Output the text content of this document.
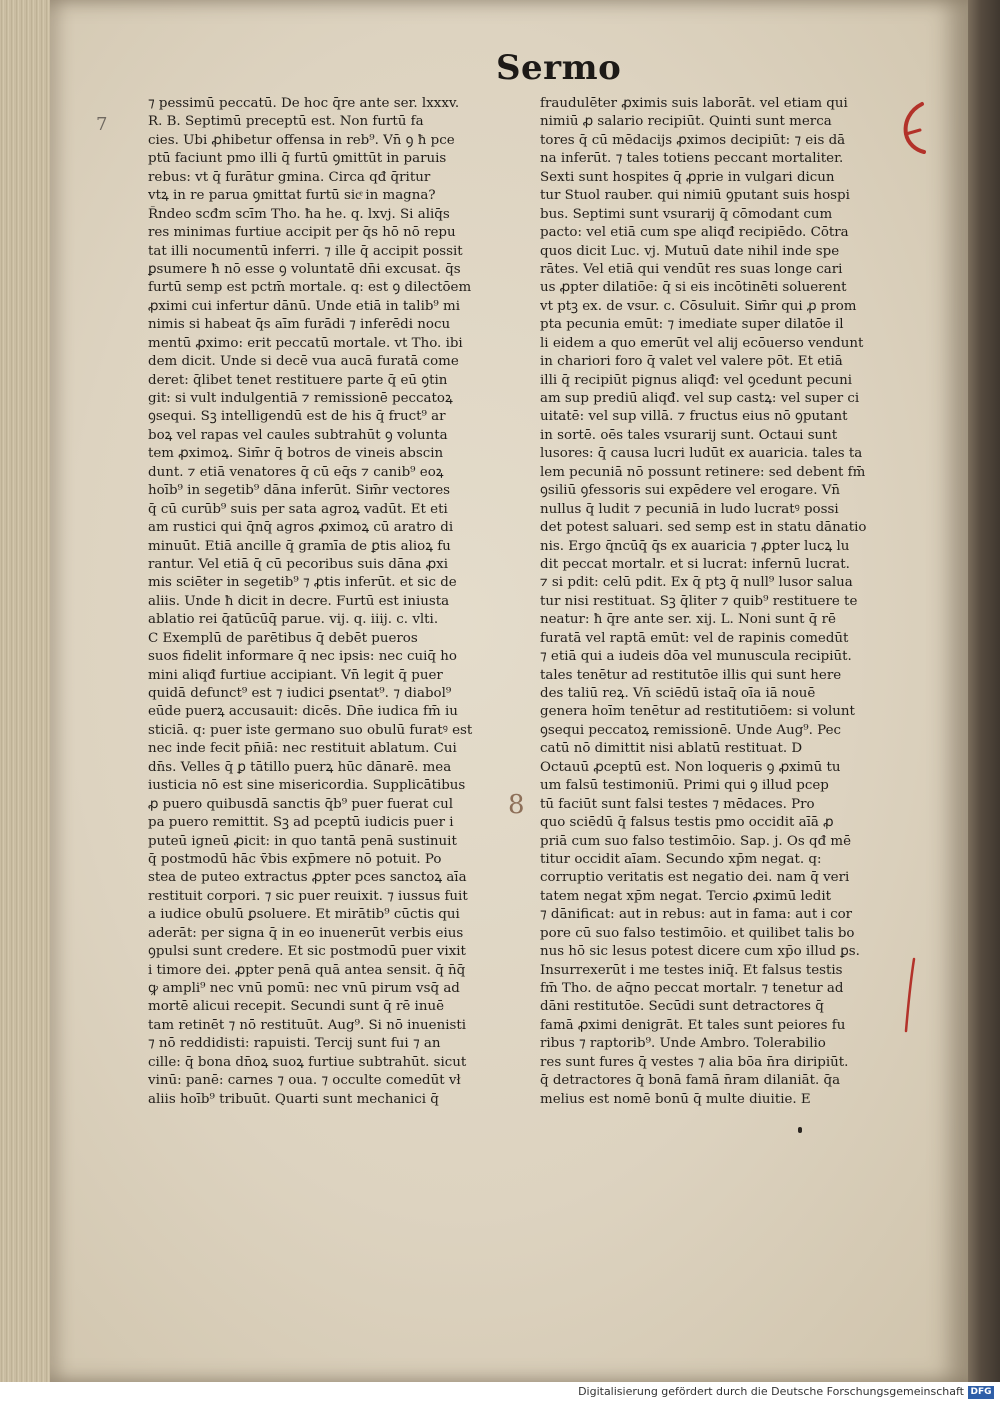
Sermo

7

8

⁊ pessimū peccatū. De hoc q̄re ante ser. lxxxv.
R. B. Septimū preceptū est. Non furtū fa
cies. Ubi ꝓhibetur offensa in reb⁹. Vn̄ ꝯ ħ pce
ptū faciunt pmo illi q̄ furtū ꝯmittūt in paruis
rebus: vt q̄ furātur gmina. Circa qđ q̄ritur
vtꝝ in re parua ꝯmittat furtū sicͤ in magna?
R̄ndeo scđm scīm Tho. ħa he. q. lxvj. Si aliq̄s
res minimas furtiue accipit per q̄s hō nō repu
tat illi nocumentū inferri. ⁊ ille q̄ accipit possit
ꝑsumere ħ nō esse ꝯ voluntatē dn̄i excusat. q̄s
furtū semp est pctm̄ mortale. q: est ꝯ dilectōem
ꝓximi cui infertur dānū. Unde etiā in talib⁹ mi
nimis si habeat q̄s aīm furādi ⁊ inferēdi nocu
mentū ꝓximo: erit peccatū mortale. vt Tho. ibi
dem dicit. Unde si decē vua aucā furatā come
deret: q̄libet tenet restituere parte q̄ eū ꝯtin
git: si vult indulgentiā ⁊ remissionē peccatoꝝ
ꝯsequi. Sꝫ intelligendū est de his q̄ fruct⁹ ar
boꝝ vel rapas vel caules subtrahūt ꝯ volunta
tem ꝓximoꝝ. Sim̄r q̄ botros de vineis abscin
dunt. ⁊ etiā venatores q̄ cū eq̄s ⁊ canib⁹ eoꝝ
hoīb⁹ in segetib⁹ dāna inferūt. Sim̄r vectores
q̄ cū curūb⁹ suis per sata agroꝝ vadūt. Et eti
am rustici qui q̄nq̄ agros ꝓximoꝝ cū aratro di
minuūt. Etiā ancille q̄ gramīa de ꝑtis alioꝝ fu
rantur. Vel etiā q̄ cū pecoribus suis dāna ꝓxi
mis sciēter in segetib⁹ ⁊ ꝓtis inferūt. et sic de
aliis. Unde ħ dicit in decre. Furtū est iniusta
ablatio rei q̄atūcūq̄ parue. vij. q. iiij. c. vlti.
C Exemplū de parētibus q̄ debēt pueros
suos fidelit informare q̄ nec ipsis: nec cuiq̄ ho
mini aliqđ furtiue accipiant. Vn̄ legit q̄ puer
quidā defunct⁹ est ⁊ iudici ꝑsentat⁹. ⁊ diabol⁹
eūde puerꝝ accusauit: dicēs. Dn̄e iudica fm̄ iu
sticiā. q: puer iste germano suo obulū furatꝰ est
nec inde fecit pn̄iā: nec restituit ablatum. Cui
dn̄s. Velles q̄ ꝑ tātillo puerꝝ hūc dānarē. mea
iusticia nō est sine misericordia. Supplicātibus
ꝓ puero quibusdā sanctis q̄b⁹ puer fuerat cul
pa puero remittit. Sꝫ ad pceptū iudicis puer i
puteū igneū ꝓicit: in quo tantā penā sustinuit
q̄ postmodū hāc v̄bis exp̄mere nō potuit. Po
stea de puteo extractus ꝓpter pces sanctoꝝ aīa
restituit corpori. ⁊ sic puer reuixit. ⁊ iussus fuit
a iudice obulū ꝑsoluere. Et mirātib⁹ cūctis qui
aderāt: per signa q̄ in eo inuenerūt verbis eius
ꝯpulsi sunt credere. Et sic postmodū puer vixit
i timore dei. ꝓpter penā quā antea sensit. q̄ n̄q̄
ꝙ ampli⁹ nec vnū pomū: nec vnū pirum vsq̄ ad
mortē alicui recepit. Secundi sunt q̄ rē inuē
tam retinēt ⁊ nō restituūt. Aug⁹. Si nō inuenisti
⁊ nō reddidisti: rapuisti. Tercij sunt fui ⁊ an
cille: q̄ bona dn̄oꝝ suoꝝ furtiue subtrahūt. sicut
vinū: panē: carnes ⁊ oua. ⁊ occulte comedūt vł
aliis hoīb⁹ tribuūt. Quarti sunt mechanici q̄
fraudulēter ꝓximis suis laborāt. vel etiam qui
nimiū ꝓ salario recipiūt. Quinti sunt merca
tores q̄ cū mēdacijs ꝓximos decipiūt: ⁊ eis dā
na inferūt. ⁊ tales totiens peccant mortaliter.
Sexti sunt hospites q̄ ꝓprie in vulgari dicun
tur Stuol rauber. qui nimiū ꝯputant suis hospi
bus. Septimi sunt vsurarij q̄ cōmodant cum
pacto: vel etiā cum spe aliqđ recipiēdo. Cōtra
quos dicit Luc. vj. Mutuū date nihil inde spe
rātes. Vel etiā qui vendūt res suas longe cari
us ꝓpter dilatiōe: q̄ si eis incōtinēti soluerent
vt ptꝫ ex. de vsur. c. Cōsuluit. Sim̄r qui ꝓ prom
pta pecunia emūt: ⁊ imediate super dilatōe il
li eidem a quo emerūt vel alij ecōuerso vendunt
in chariori foro q̄ valet vel valere pōt. Et etiā
illi q̄ recipiūt pignus aliqđ: vel ꝯcedunt pecuni
am sup prediū aliqđ. vel sup castꝝ: vel super ci
uitatē: vel sup villā. ⁊ fructus eius nō ꝯputant
in sortē. oēs tales vsurarij sunt. Octaui sunt
lusores: q̄ causa lucri ludūt ex auaricia. tales ta
lem pecuniā nō possunt retinere: sed debent fm̄
ꝯsiliū ꝯfessoris sui expēdere vel erogare. Vn̄
nullus q̄ ludit ⁊ pecuniā in ludo lucratꝰ possi
det potest saluari. sed semp est in statu dānatio
nis. Ergo q̄ncūq̄ q̄s ex auaricia ⁊ ꝓpter lucꝝ lu
dit peccat mortal̄r. et si lucrat: infernū lucrat.
⁊ si pdit: celū pdit. Ex q̄ ptꝫ q̄ null⁹ lusor salua
tur nisi restituat. Sꝫ q̄liter ⁊ quib⁹ restituere te
neatur: ħ q̄re ante ser. xij. L. Noni sunt q̄ rē
furatā vel raptā emūt: vel de rapinis comedūt
⁊ etiā qui a iudeis dōa vel munuscula recipiūt.
tales tenētur ad restitutōe illis qui sunt here
des taliū reꝝ. Vn̄ sciēdū istaq̄ oīa iā nouē
genera hoīm tenētur ad restitutiōem: si volunt
ꝯsequi peccatoꝝ remissionē. Unde Aug⁹. Pec
catū nō dimittit nisi ablatū restituat. D
Octauū ꝓceptū est. Non loqueris ꝯ ꝓximū tu
um falsū testimoniū. Primi qui ꝯ illud pcep
tū faciūt sunt falsi testes ⁊ mēdaces. Pro
quo sciēdū q̄ falsus testis pmo occidit aīā ꝓ
priā cum suo falso testimōio. Sap. j. Os qđ mē
titur occidit aīam. Secundo xp̄m negat. q:
corruptio veritatis est negatio dei. nam q̄ veri
tatem negat xp̄m negat. Tercio ꝓximū ledit
⁊ dānificat: aut in rebus: aut in fama: aut i cor
pore cū suo falso testimōio. et quilibet talis bo
nus hō sic lesus potest dicere cum xp̄o illud ꝑs.
Insurrexerūt i me testes iniq̄. Et falsus testis
fm̄ Tho. de aq̄no peccat mortal̄r. ⁊ tenetur ad
dāni restitutōe. Secūdi sunt detractores q̄
famā ꝓximi denigrāt. Et tales sunt peiores fu
ribus ⁊ raptorib⁹. Unde Ambro. Tolerabilio
res sunt fures q̄ vestes ⁊ alia bōa n̄ra diripiūt.
q̄ detractores q̄ bonā famā n̄ram dilaniāt. q̄a
melius est nomē bonū q̄ multe diuitie. E
Digitalisierung gefördert durch die Deutsche Forschungsgemeinschaft DFG
